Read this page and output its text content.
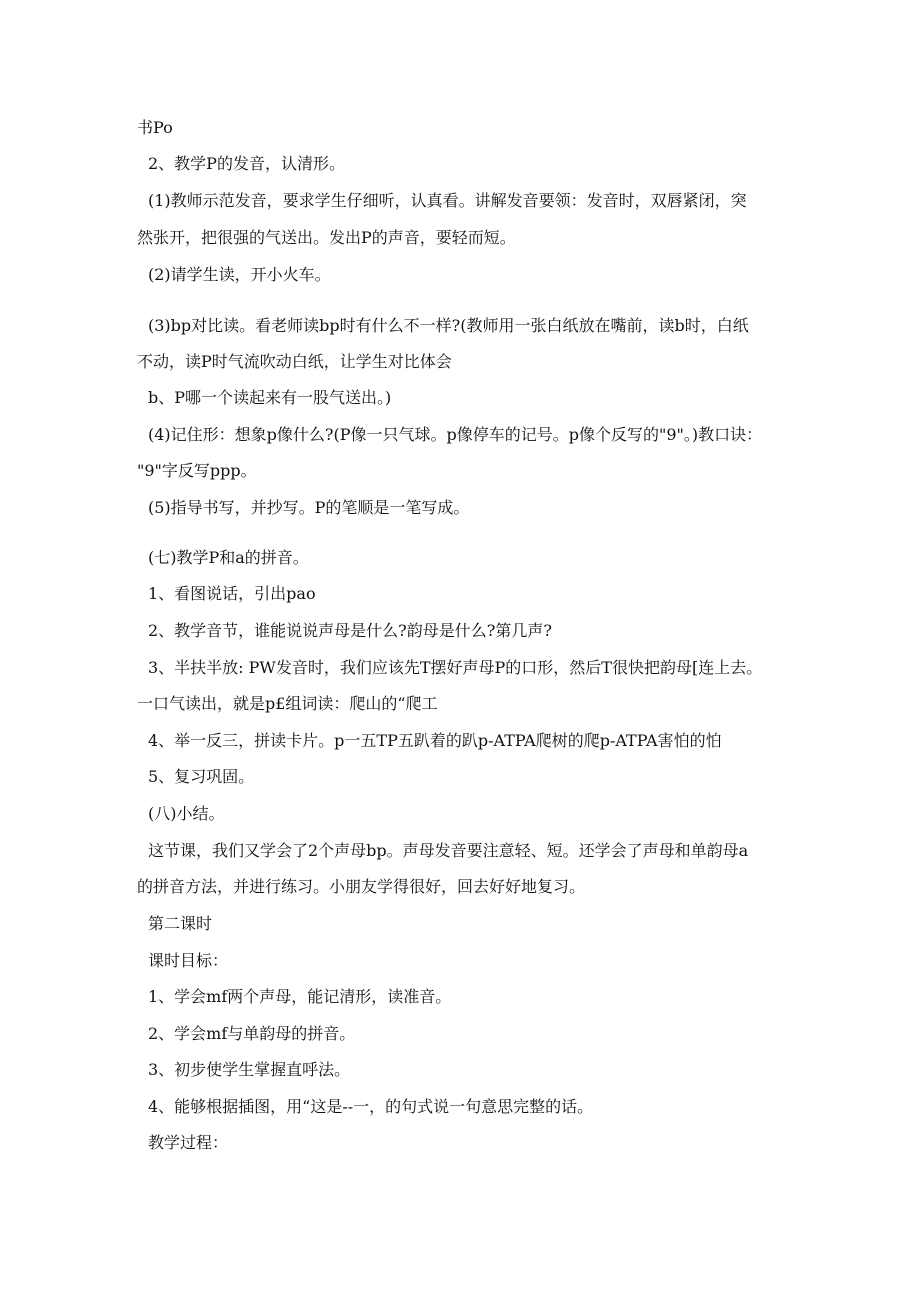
书Po
2、教学P的发音，认清形。
(1)教师示范发音，要求学生仔细听，认真看。讲解发音要领：发音时，双唇紧闭，突
然张开，把很强的气送出。发出P的声音，要轻而短。
(2)请学生读，开小火车。
(3)bp对比读。看老师读bp时有什么不一样?(教师用一张白纸放在嘴前，读b时，白纸
不动，读P时气流吹动白纸，让学生对比体会
b、P哪一个读起来有一股气送出。)
(4)记住形：想象p像什么?(P像一只气球。p像停车的记号。p像个反写的"9"。)教口诀：
"9"字反写ppp。
(5)指导书写，并抄写。P的笔顺是一笔写成。
(七)教学P和a的拼音。
1、看图说话，引出pao
2、教学音节，谁能说说声母是什么?韵母是什么?第几声?
3、半扶半放: PW发音时，我们应该先T摆好声母P的口形，然后T很快把韵母[连上去。
一口气读出，就是p£组词读：爬山的“爬工
4、举一反三，拼读卡片。p一五TP五趴着的趴p-ATPA爬树的爬p-ATPA害怕的怕
5、复习巩固。
(八)小结。
这节课，我们又学会了2个声母bp。声母发音要注意轻、短。还学会了声母和单韵母a
的拼音方法，并进行练习。小朋友学得很好，回去好好地复习。
第二课时
课时目标：
1、学会mf两个声母，能记清形，读准音。
2、学会mf与单韵母的拼音。
3、初步使学生掌握直呼法。
4、能够根据插图，用“这是--一，的句式说一句意思完整的话。
教学过程：
